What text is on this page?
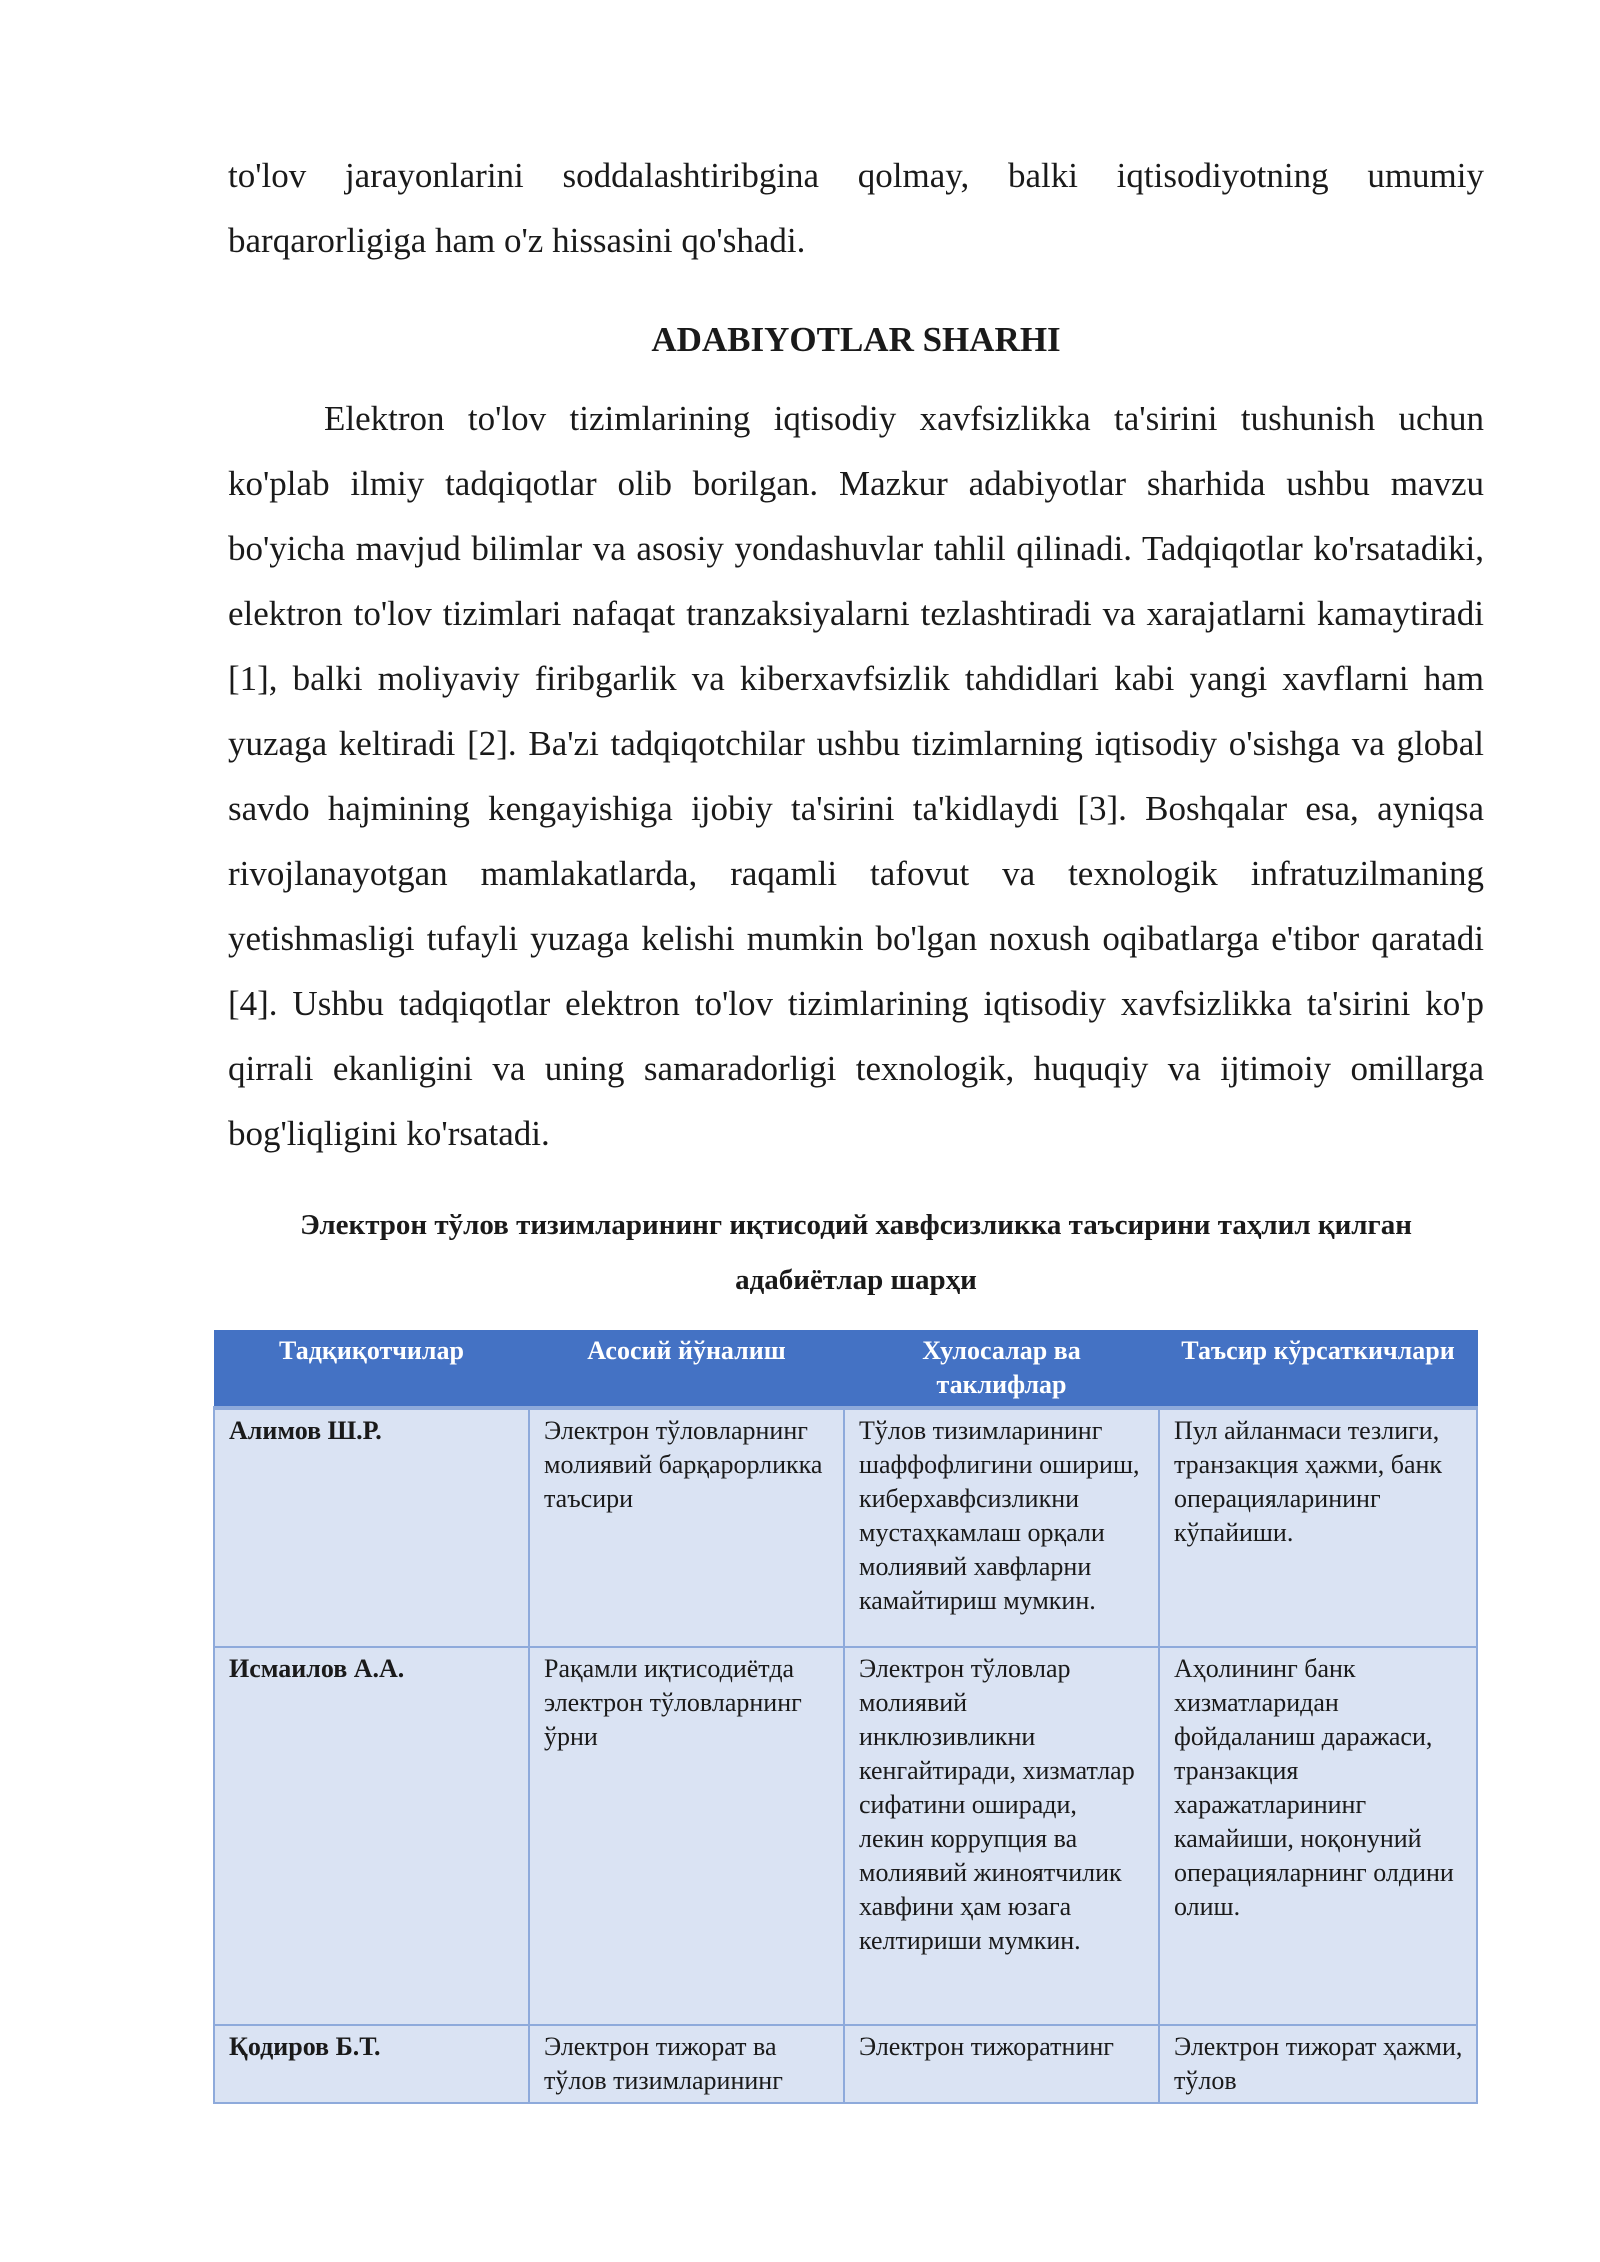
to'lov jarayonlarini soddalashtiribgina qolmay, balki iqtisodiyotning umumiy barqarorligiga ham o'z hissasini qo'shadi.
ADABIYOTLAR SHARHI
Elektron to'lov tizimlarining iqtisodiy xavfsizlikka ta'sirini tushunish uchun ko'plab ilmiy tadqiqotlar olib borilgan. Mazkur adabiyotlar sharhida ushbu mavzu bo'yicha mavjud bilimlar va asosiy yondashuvlar tahlil qilinadi. Tadqiqotlar ko'rsatadiki, elektron to'lov tizimlari nafaqat tranzaksiyalarni tezlashtiradi va xarajatlarni kamaytiradi [1], balki moliyaviy firibgarlik va kiberxavfsizlik tahdidlari kabi yangi xavflarni ham yuzaga keltiradi [2]. Ba'zi tadqiqotchilar ushbu tizimlarning iqtisodiy o'sishga va global savdo hajmining kengayishiga ijobiy ta'sirini ta'kidlaydi [3]. Boshqalar esa, ayniqsa rivojlanayotgan mamlakatlarda, raqamli tafovut va texnologik infratuzilmaning yetishmasligi tufayli yuzaga kelishi mumkin bo'lgan noxush oqibatlarga e'tibor qaratadi [4]. Ushbu tadqiqotlar elektron to'lov tizimlarining iqtisodiy xavfsizlikka ta'sirini ko'p qirrali ekanligini va uning samaradorligi texnologik, huquqiy va ijtimoiy omillarga bog'liqligini ko'rsatadi.
Электрон тўлов тизимларининг иқтисодий хавфсизликка таъсирини таҳлил қилган адабиётлар шарҳи
Тадқиқотчилар	Асосий йўналиш	Хулосалар ва таклифлар	Таъсир кўрсаткичлари
Алимов Ш.Р.	Электрон тўловларнинг молиявий барқарорликка таъсири	Тўлов тизимларининг шаффофлигини ошириш, киберхавфсизликни мустаҳкамлаш орқали молиявий хавфларни камайтириш мумкин.	Пул айланмаси тезлиги, транзакция ҳажми, банк операцияларининг кўпайиши.
Исмаилов А.А.	Рақамли иқтисодиётда электрон тўловларнинг ўрни	Электрон тўловлар молиявий инклюзивликни кенгайтиради, хизматлар сифатини оширади, лекин коррупция ва молиявий жиноятчилик хавфини ҳам юзага келтириши мумкин.	Аҳолининг банк хизматларидан фойдаланиш даражаси, транзакция харажатларининг камайиши, ноқонуний операцияларнинг олдини олиш.
Қодиров Б.Т.	Электрон тижорат ва тўлов тизимларининг	Электрон тижоратнинг	Электрон тижорат ҳажми, тўлов
